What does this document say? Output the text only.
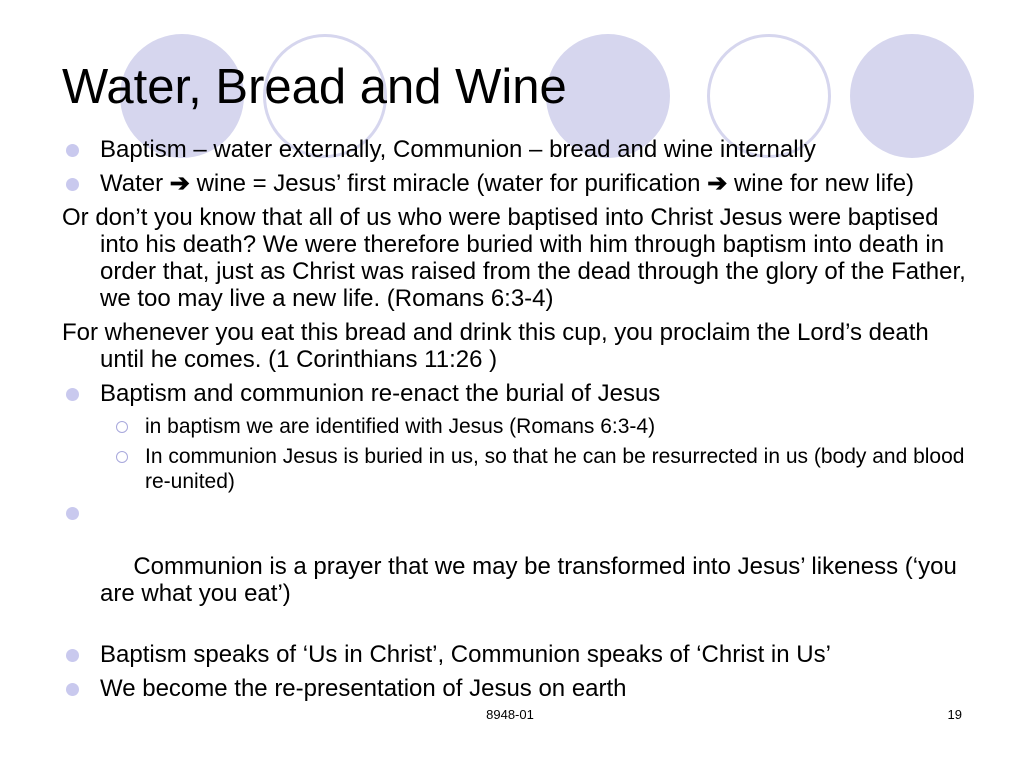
Water, Bread and Wine
Baptism – water externally, Communion – bread and wine internally
Water ➔ wine = Jesus’ first miracle (water for purification ➔ wine for new life)
Or don’t you know that all of us who were baptised into Christ Jesus were baptised into his death? We were therefore buried with him through baptism into death in order that, just as Christ was raised from the dead through the glory of the Father, we too may live a new life. (Romans 6:3-4)
For whenever you eat this bread and drink this cup, you proclaim the Lord’s death until he comes. (1 Corinthians 11:26 )
Baptism and communion re-enact the burial of Jesus
in baptism we are identified with Jesus (Romans 6:3-4)
In communion Jesus is buried in us, so that he can be resurrected in us (body and blood re-united)

Communion is a prayer that we may be transformed into Jesus’ likeness (‘you are what you eat’)

Baptism speaks of ‘Us in Christ’, Communion speaks of ‘Christ in Us’
We become the re-presentation of Jesus on earth
8948-01	19
